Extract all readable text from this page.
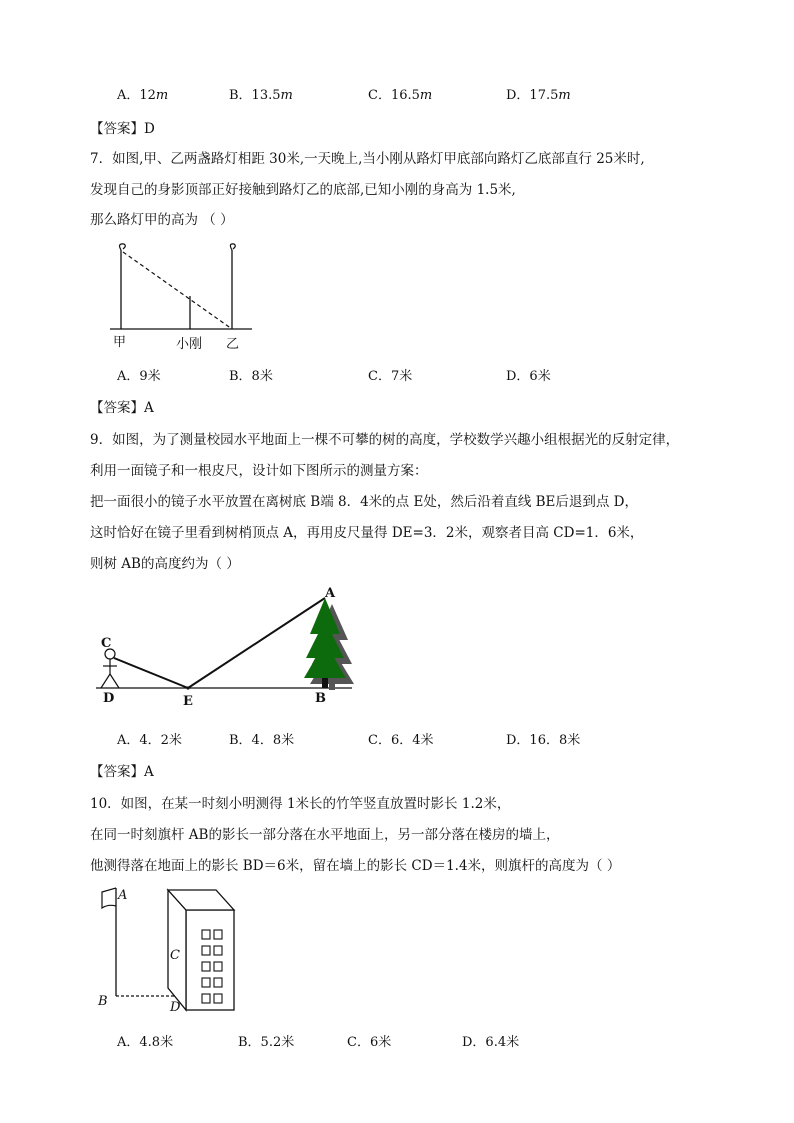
A．12𝑚	B．13.5𝑚	C．16.5𝑚	D．17.5𝑚
【答案】D
7．如图,甲、乙两盏路灯相距 30米,一天晚上,当小刚从路灯甲底部向路灯乙底部直行 25米时,
发现自己的身影顶部正好接触到路灯乙的底部,已知小刚的身高为 1.5米,
那么路灯甲的高为 （ ）
甲	小刚 乙
A．9米	B．8米	C．7米	D．6米
【答案】A
9．如图，为了测量校园水平地面上一棵不可攀的树的高度，学校数学兴趣小组根据光的反射定律，
利用一面镜子和一根皮尺，设计如下图所示的测量方案：
把一面很小的镜子水平放置在离树底 B端 8．4米的点 E处，然后沿着直线 BE后退到点 D，
这时恰好在镜子里看到树梢顶点 A，再用皮尺量得 DE=3．2米，观察者目高 CD=1．6米，
则树 AB的高度约为（ ）
A
C
D	E	B
A．4．2米	B．4．8米	C．6．4米	D．16．8米
【答案】A
10．如图，在某一时刻小明测得 1米长的竹竿竖直放置时影长 1.2米，
在同一时刻旗杆 AB的影长一部分落在水平地面上，另一部分落在楼房的墙上，
他测得落在地面上的影长 BD＝6米，留在墙上的影长 CD＝1.4米，则旗杆的高度为（ ）
A
C
B	D
A．4.8米	B．5.2米	C．6米	D．6.4米
